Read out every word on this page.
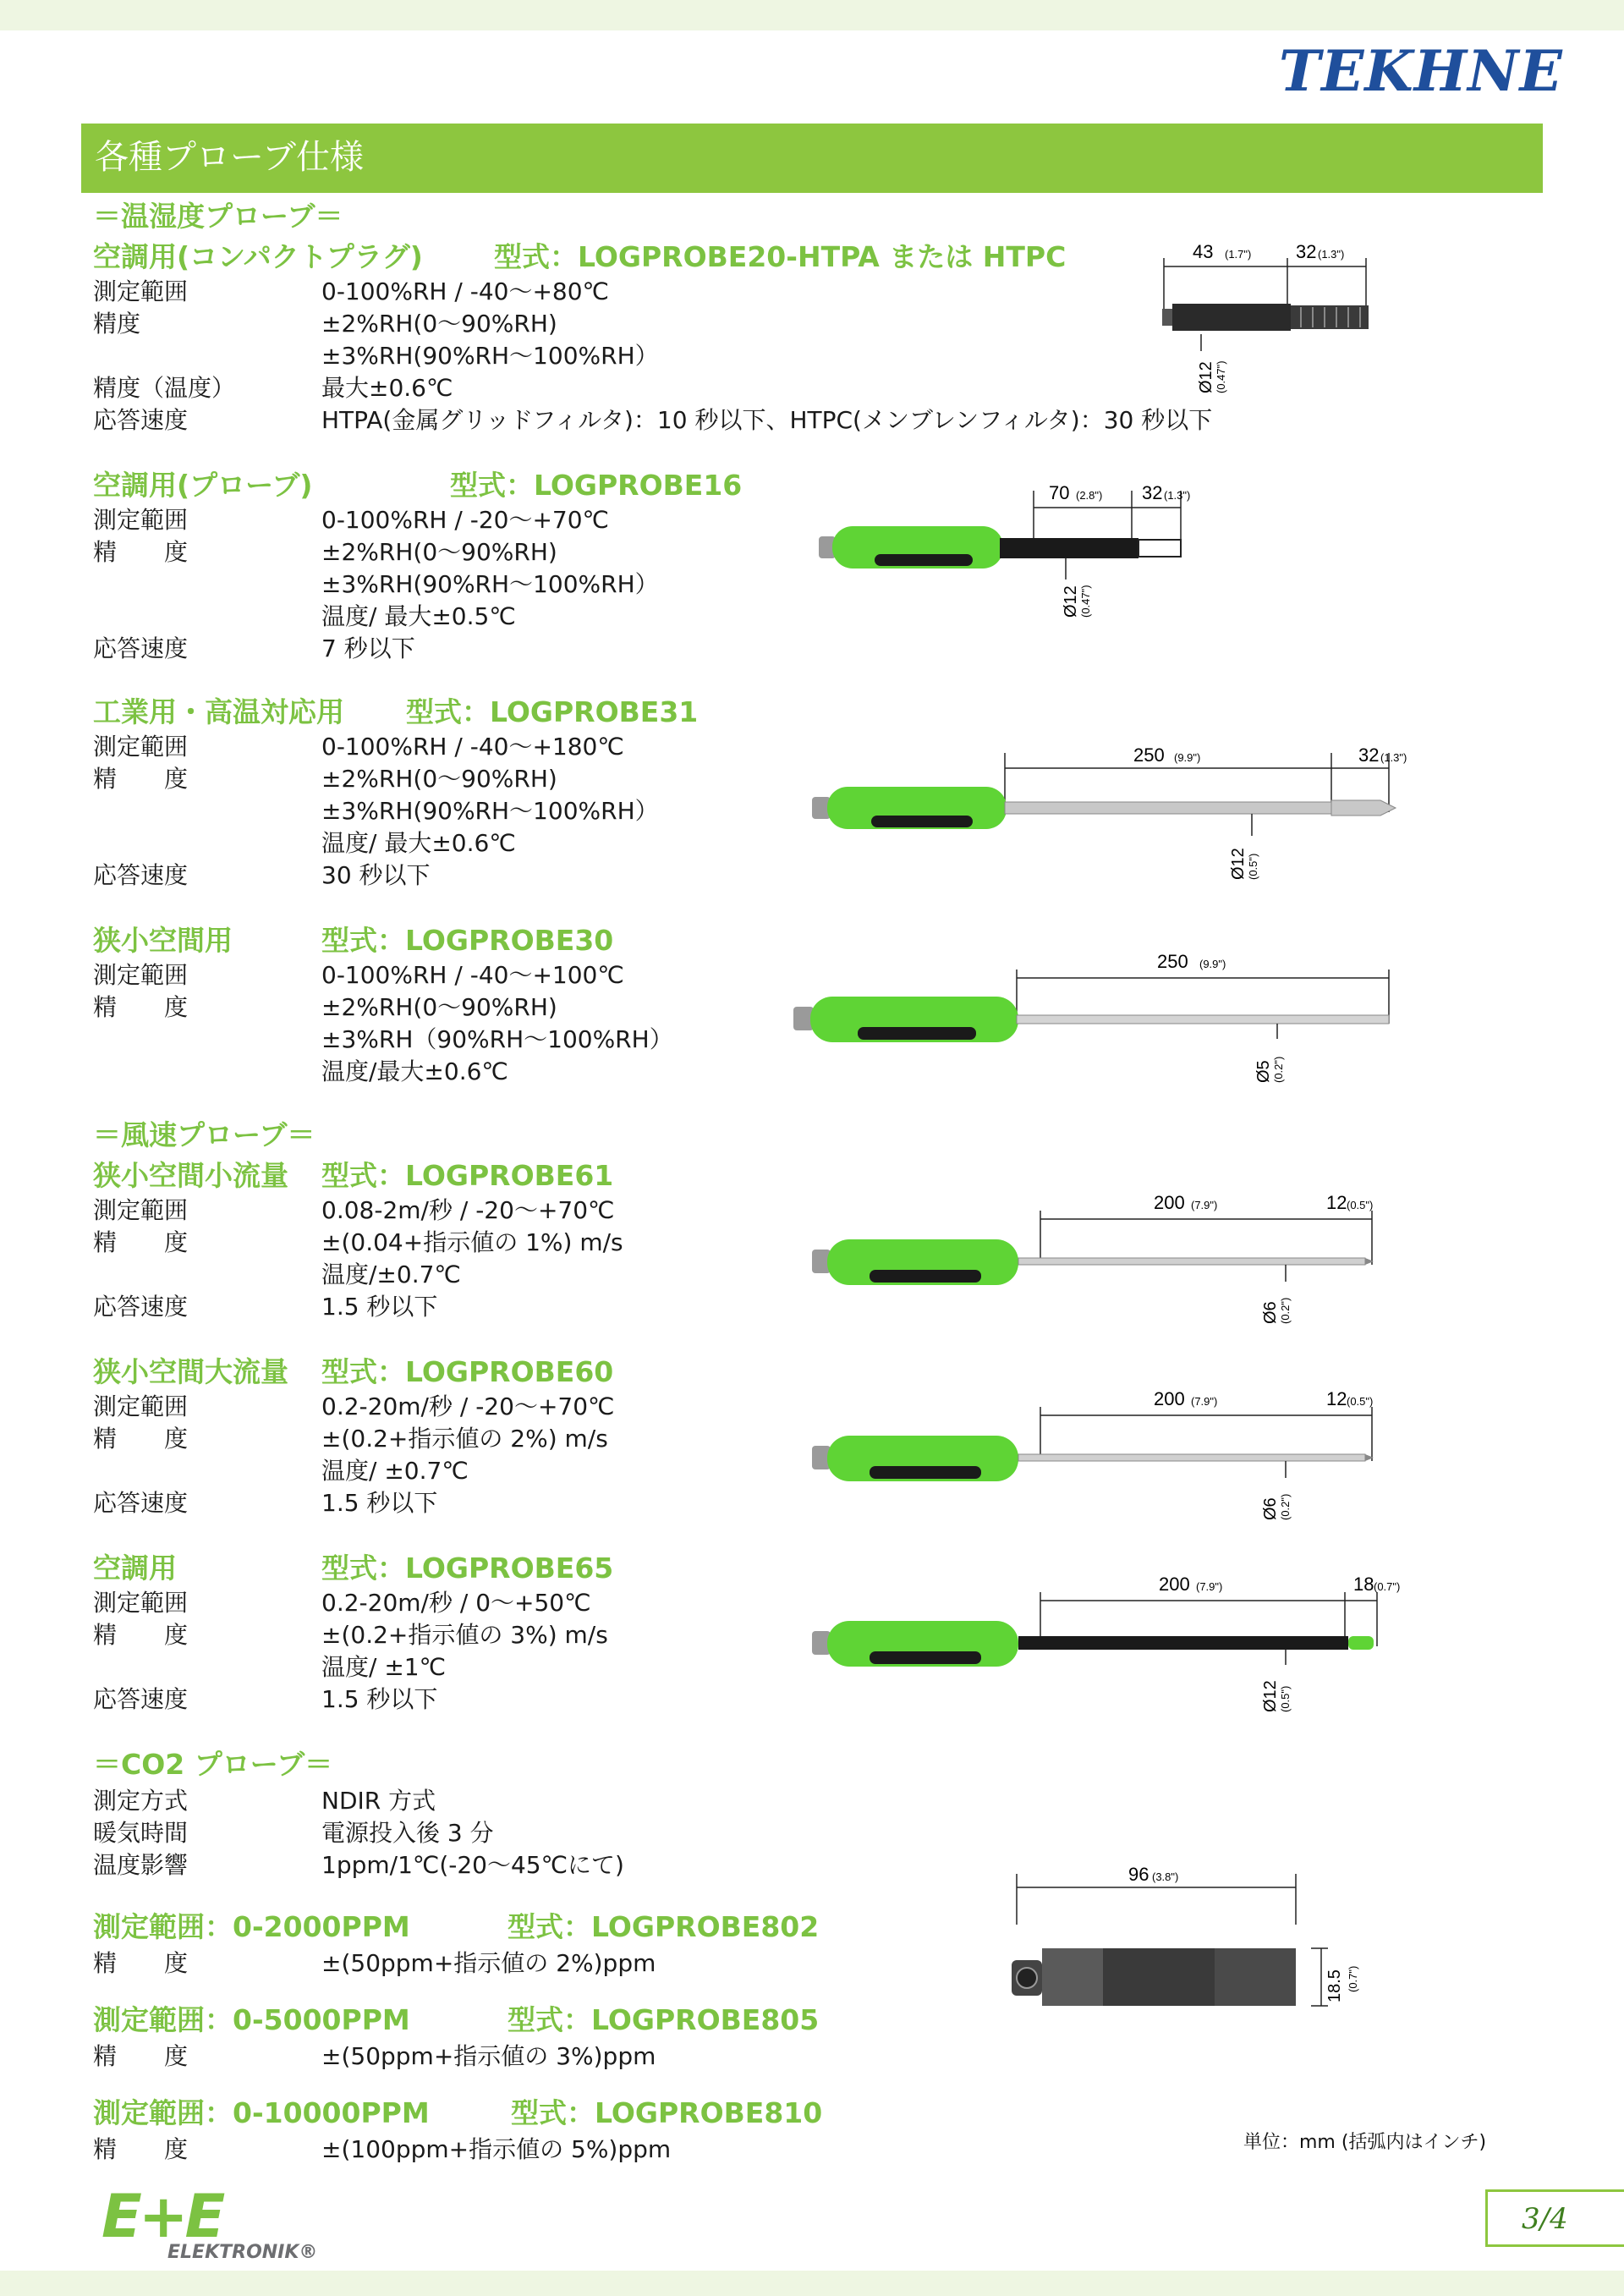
TEKHNE
各種プローブ仕様
＝温湿度プローブ＝
空調用(コンパクトプラグ)	型式：LOGPROBE20-HTPA または HTPC
測定範囲	0-100%RH / -40～+80℃
精度	±2%RH(0～90%RH)
±3%RH(90%RH～100%RH）
精度（温度）	最大±0.6℃
応答速度	HTPA(金属グリッドフィルタ)：10 秒以下、HTPC(メンブレンフィルタ)：30 秒以下
43 (1.7") 32 (1.3")
Ø12 (0.47")
空調用(プローブ)	型式：LOGPROBE16
測定範囲	0-100%RH / -20～+70℃
精　　度	±2%RH(0～90%RH)
±3%RH(90%RH～100%RH）
温度/ 最大±0.5℃
応答速度	7 秒以下
70 (2.8") 32 (1.3")
Ø12 (0.47")
工業用・高温対応用 型式：LOGPROBE31
測定範囲	0-100%RH / -40～+180℃
精　　度	±2%RH(0～90%RH)
±3%RH(90%RH～100%RH）
温度/ 最大±0.6℃
応答速度	30 秒以下
250 (9.9")	32 (1.3")
Ø12 (0.5")
狭小空間用	型式：LOGPROBE30
測定範囲	0-100%RH / -40～+100℃
精　　度	±2%RH(0～90%RH)
±3%RH（90%RH～100%RH）
温度/最大±0.6℃
250 (9.9")
Ø5 (0.2")
＝風速プローブ＝
狭小空間小流量 型式：LOGPROBE61
測定範囲	0.08-2m/秒 / -20～+70℃
精　　度	±(0.04+指示値の 1%) m/s
温度/±0.7℃
応答速度	1.5 秒以下
200 (7.9")	12 (0.5")
Ø6 (0.2")
狭小空間大流量 型式：LOGPROBE60
測定範囲	0.2-20m/秒 / -20～+70℃
精　　度	±(0.2+指示値の 2%) m/s
温度/ ±0.7℃
応答速度	1.5 秒以下
200 (7.9")	12 (0.5")
Ø6 (0.2")
空調用	型式：LOGPROBE65
測定範囲	0.2-20m/秒 / 0～+50℃
精　　度	±(0.2+指示値の 3%) m/s
温度/ ±1℃
応答速度	1.5 秒以下
200 (7.9")	18 (0.7")
Ø12 (0.5")
＝CO2 プローブ＝
測定方式	NDIR 方式
暖気時間	電源投入後 3 分
温度影響	1ppm/1℃(-20～45℃にて)
測定範囲：0-2000PPM	型式：LOGPROBE802
精　　度	±(50ppm+指示値の 2%)ppm
測定範囲：0-5000PPM	型式：LOGPROBE805
精　　度	±(50ppm+指示値の 3%)ppm
測定範囲：0-10000PPM	型式：LOGPROBE810
精　　度	±(100ppm+指示値の 5%)ppm
96 (3.8")
18.5 (0.7")
単位：mm (括弧内はインチ)
E+E
ELEKTRONIK®
3/4
